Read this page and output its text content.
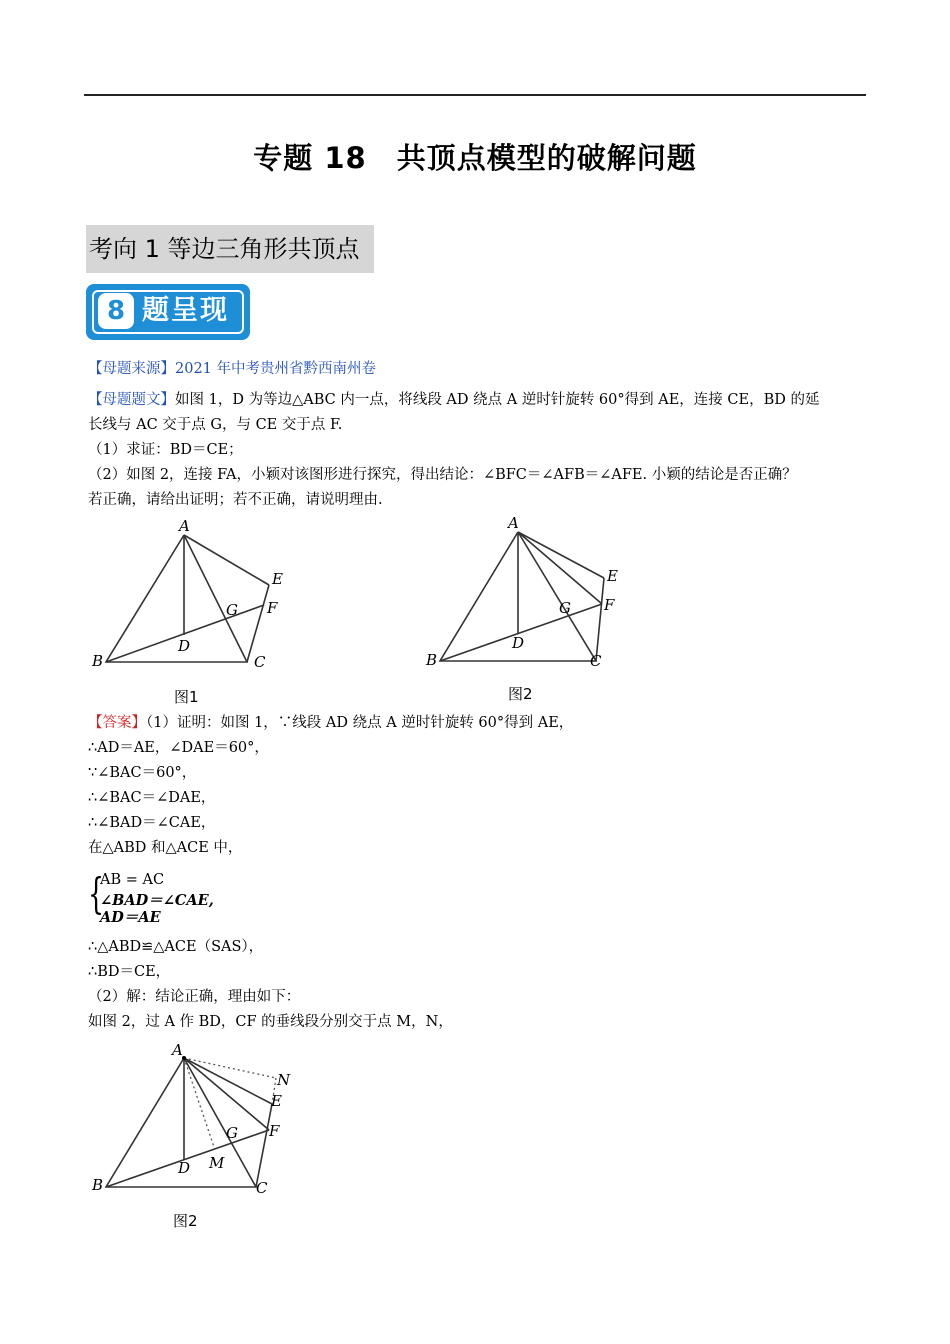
专题 18　共顶点模型的破解问题
考向 1 等边三角形共顶点
8 题呈现
【母题来源】2021 年中考贵州省黔西南州卷
【母题题文】如图 1，D 为等边△ABC 内一点，将线段 AD 绕点 A 逆时针旋转 60°得到 AE，连接 CE，BD 的延
长线与 AC 交于点 G，与 CE 交于点 F.
（1）求证：BD＝CE；
（2）如图 2，连接 FA，小颖对该图形进行探究，得出结论：∠BFC＝∠AFB＝∠AFE. 小颖的结论是否正确？
若正确，请给出证明；若不正确，请说明理由.
A
B	C
D
E
F
G
图1
A
B	C
D
E
F
G
图2
【答案】（1）证明：如图 1，∵线段 AD 绕点 A 逆时针旋转 60°得到 AE，
∴AD＝AE，∠DAE＝60°，
∵∠BAC＝60°，
∴∠BAC＝∠DAE，
∴∠BAD＝∠CAE，
在△ABD 和△ACE 中，
{
AB = AC
∠BAD＝∠CAE,
AD＝AE
∴△ABD≌△ACE（SAS），
∴BD＝CE，
（2）解：结论正确，理由如下：
如图 2，过 A 作 BD，CF 的垂线段分别交于点 M，N，
A
B	C
D
E
F
G
M
N
图2
